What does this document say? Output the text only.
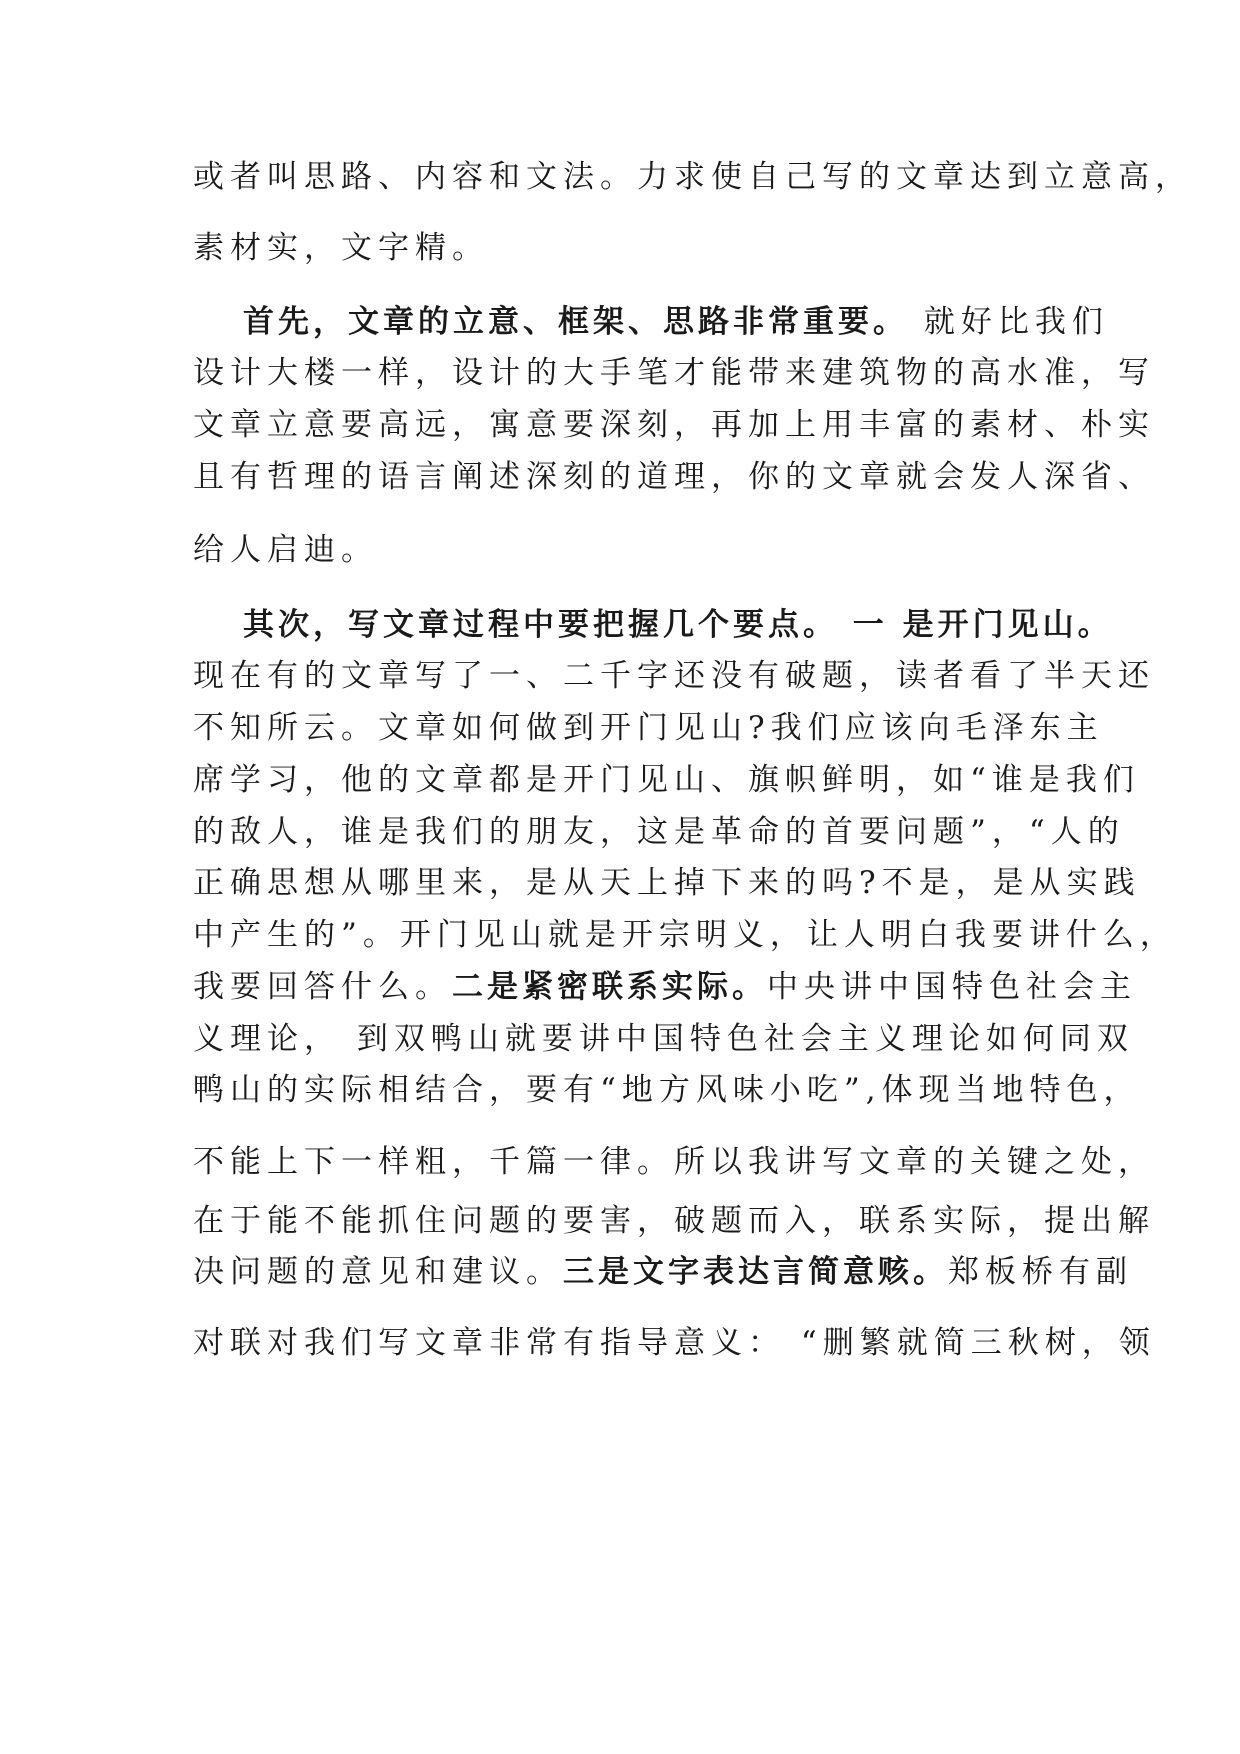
或者叫思路、内容和文法。力求使自己写的文章达到立意高，
素材实，文字精。
首先，文章的立意、框架、思路非常重要。 就好比我们
设计大楼一样，设计的大手笔才能带来建筑物的高水准，写
文章立意要高远，寓意要深刻，再加上用丰富的素材、朴实
且有哲理的语言阐述深刻的道理，你的文章就会发人深省、
给人启迪。
其次，写文章过程中要把握几个要点。 一 是开门见山。
现在有的文章写了一、二千字还没有破题，读者看了半天还
不知所云。文章如何做到开门见山?我们应该向毛泽东主
席学习，他的文章都是开门见山、旗帜鲜明，如“谁是我们
的敌人，谁是我们的朋友，这是革命的首要问题”，“人的
正确思想从哪里来，是从天上掉下来的吗?不是，是从实践
中产生的”。开门见山就是开宗明义，让人明白我要讲什么，
我要回答什么。二是紧密联系实际。中央讲中国特色社会主
义理论， 到双鸭山就要讲中国特色社会主义理论如何同双
鸭山的实际相结合，要有“地方风味小吃”,体现当地特色，
不能上下一样粗，千篇一律。所以我讲写文章的关键之处，
在于能不能抓住问题的要害，破题而入，联系实际，提出解
决问题的意见和建议。三是文字表达言简意赅。郑板桥有副
对联对我们写文章非常有指导意义： “删繁就简三秋树，领
